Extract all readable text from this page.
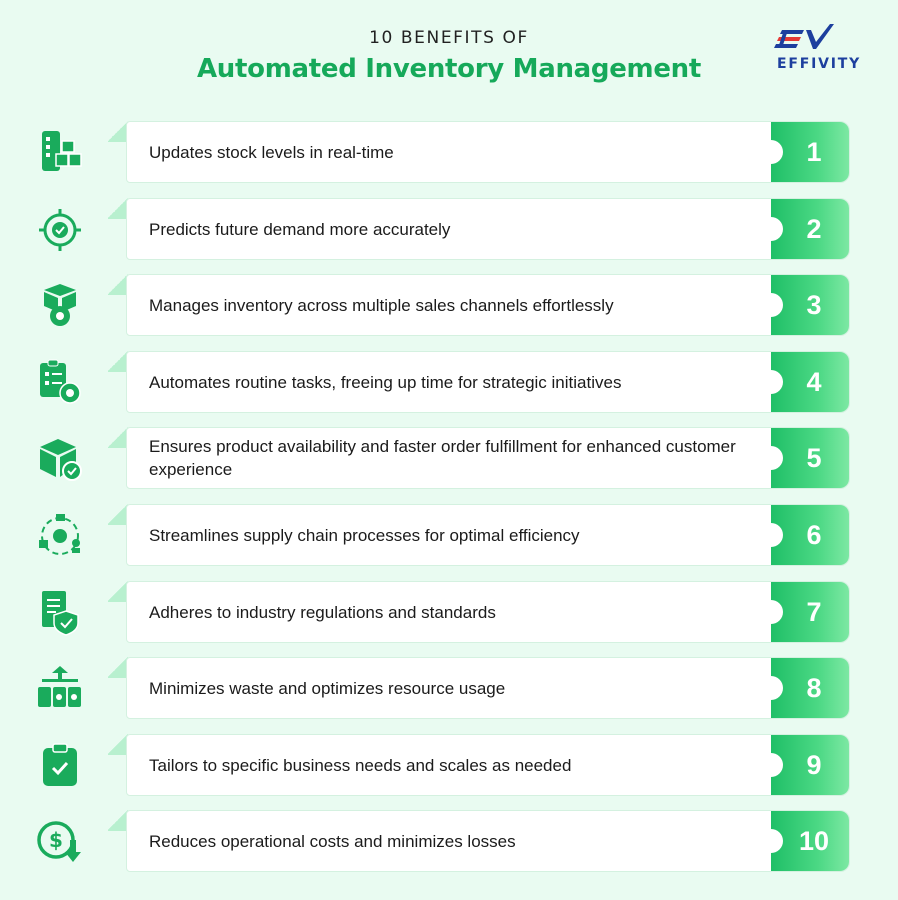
10 BENEFITS OF
Automated Inventory Management	EFFIVITY
Updates stock levels in real-time	1
Predicts future demand more accurately	2
Manages inventory across multiple sales channels effortlessly	3
Automates routine tasks, freeing up time for strategic initiatives	4
Ensures product availability and faster order fulfillment for enhanced customer experience	5
Streamlines supply chain processes for optimal efficiency	6
Adheres to industry regulations and standards	7
Minimizes waste and optimizes resource usage	8
Tailors to specific business needs and scales as needed	9
$	Reduces operational costs and minimizes losses	10
